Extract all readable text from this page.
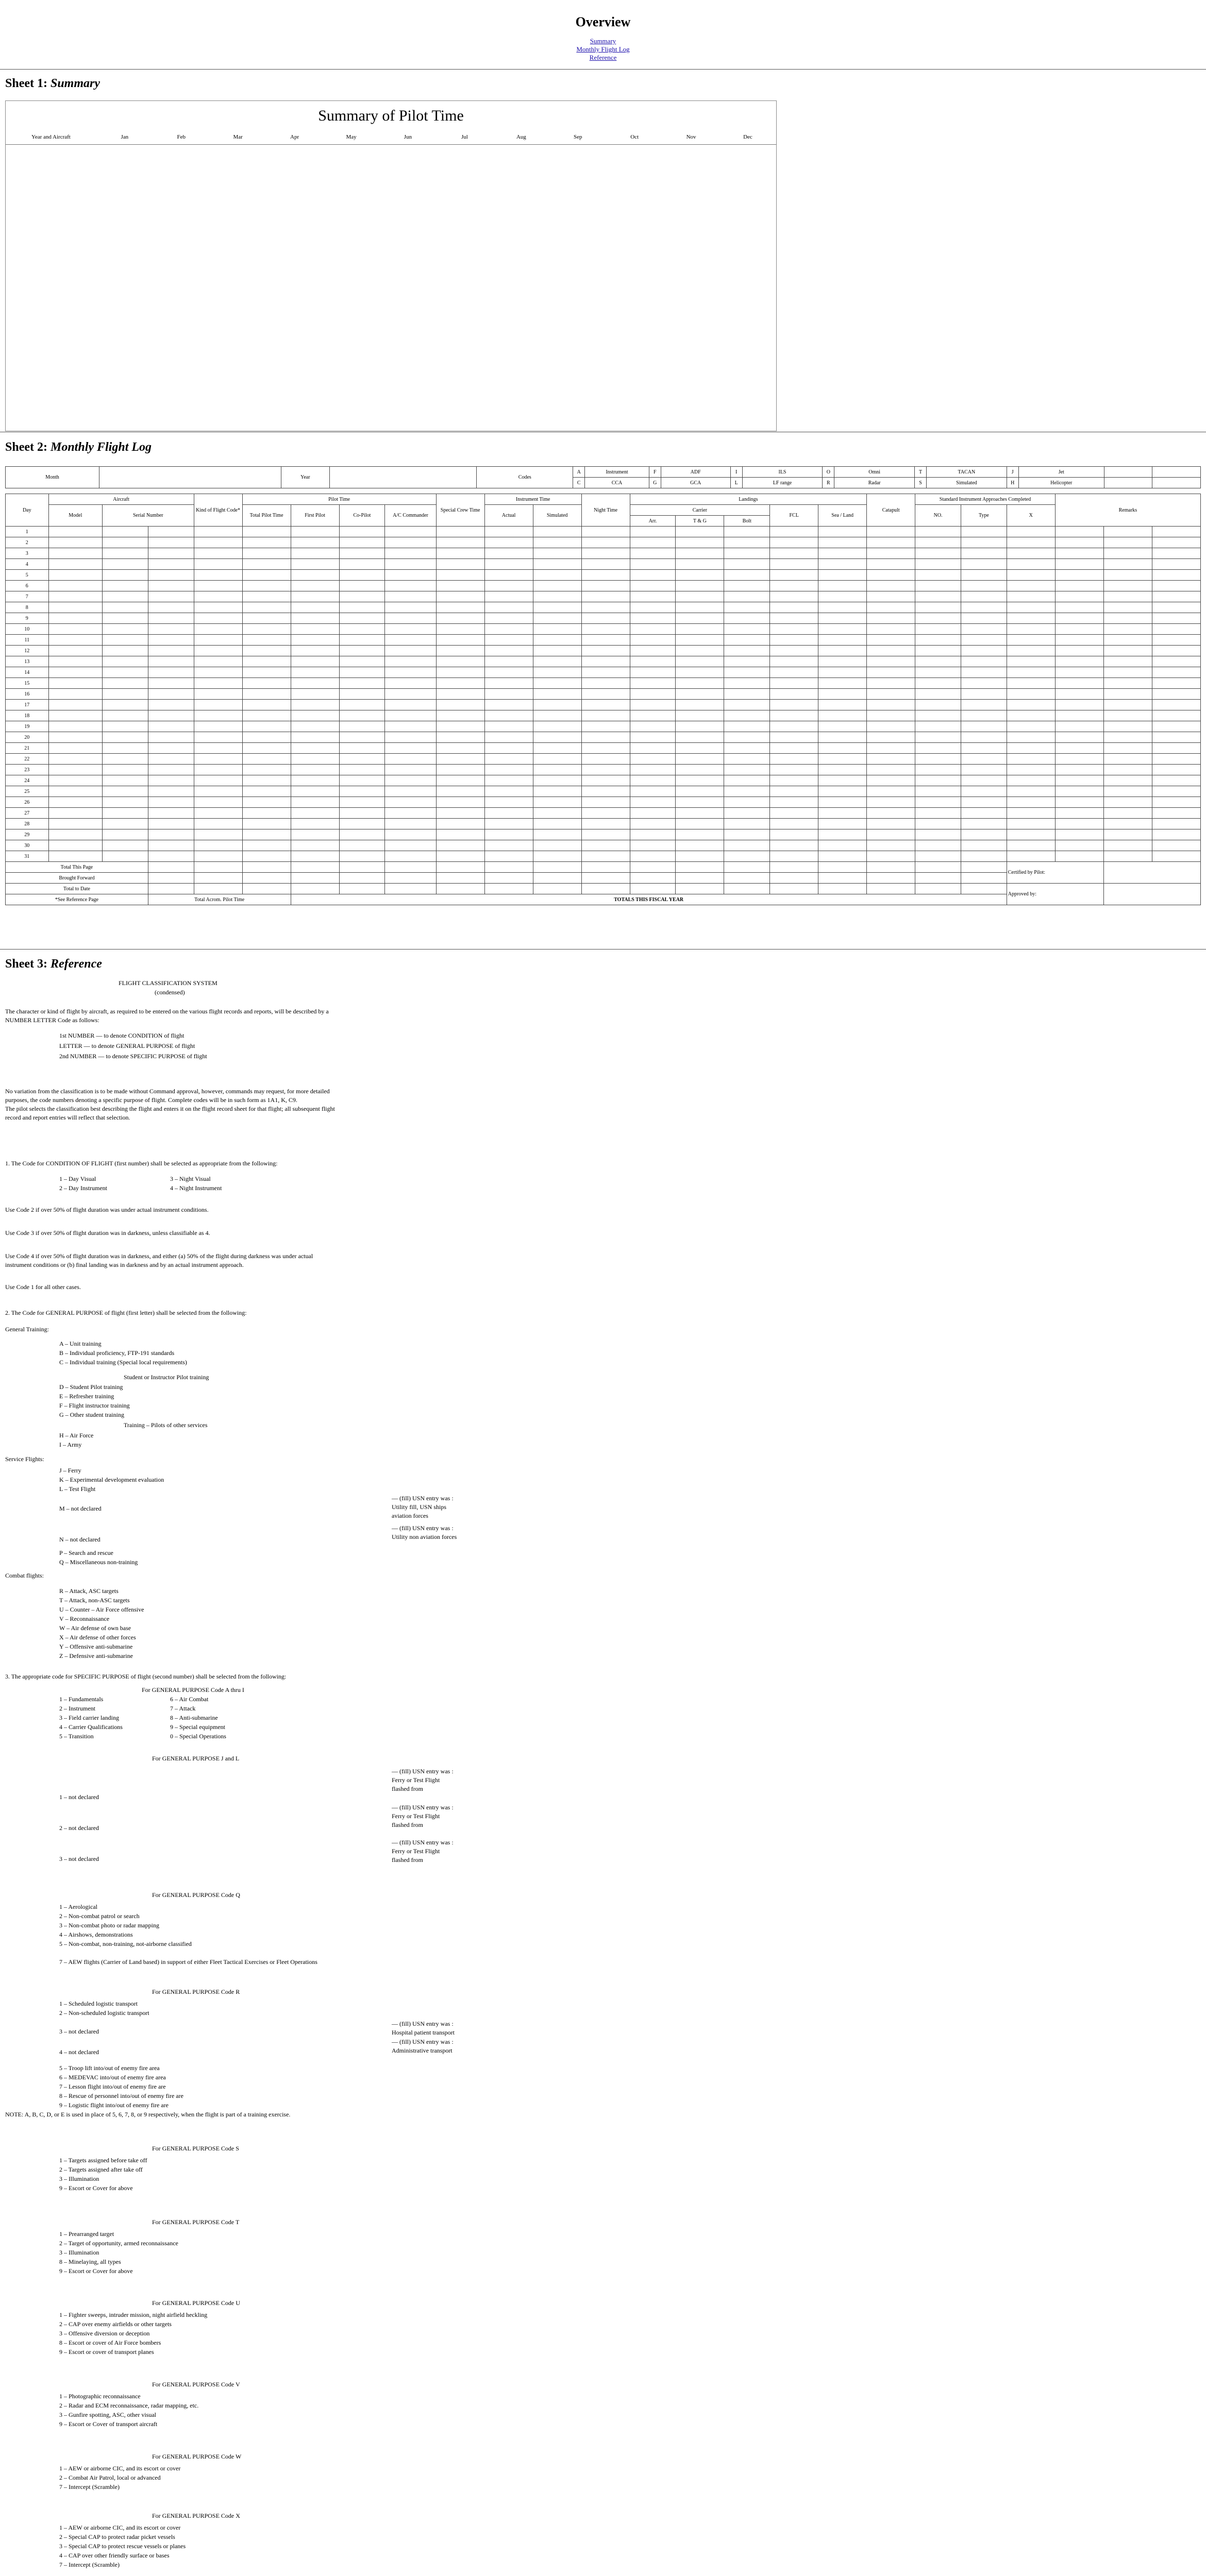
Overview
Summary
Monthly Flight Log
Reference
Sheet 1: Summary
Summary of Pilot Time
Year and Aircraft	Jan	Feb	Mar	Apr	May	Jun	Jul	Aug	Sep	Oct	Nov	Dec
Sheet 2: Monthly Flight Log
Month		Year		Codes	A	Instrument	F	ADF	I	ILS	O	Omni	T	TACAN	J	Jet		
					C	CCA	G	GCA	L	LF range	R	Radar	S	Simulated	H	Helicopter		
Day	Aircraft			Kind of Flight Code*	Pilot Time				Special Crew Time	Instrument Time		Night Time	Landings					Catapult	Standard Instrument Approaches Completed			Remarks		
	Model	Serial Number			Total Pilot Time	First Pilot	Co-Pilot	A/C Commander		Actual	Simulated		Carrier			FCL	Sea / Land		NO.	Type	X			
													Arr.	T & G	Bolt									
1																								
2																								
3																								
4																								
5																								
6																								
7																								
8																								
9																								
10																								
11																								
12																								
13																								
14																								
15																								
16																								
17																								
18																								
19																								
20																								
21																								
22																								
23																								
24																								
25																								
26																								
27																								
28																								
29																								
30																								
31																								
Total This Page																					Certified by Pilot:			
Brought Forward																								
Total to Date																					Approved by:			
*See Reference Page			Total Acrom. Pilot Time			TOTALS THIS FISCAL YEAR																		
Sheet 3: Reference
FLIGHT CLASSIFICATION SYSTEM
(condensed)
The character or kind of flight by aircraft, as required to be entered on the various flight records and reports, will be described by a NUMBER LETTER Code as follows:
1st NUMBER — to denote CONDITION of flight
LETTER — to denote GENERAL PURPOSE of flight
2nd NUMBER — to denote SPECIFIC PURPOSE of flight
No variation from the classification is to be made without Command approval, however, commands may request, for more detailed purposes, the code numbers denoting a specific purpose of flight. Complete codes will be in such form as 1A1, K, C9.
The pilot selects the classification best describing the flight and enters it on the flight record sheet for that flight; all subsequent flight record and report entries will reflect that selection.
1. The Code for CONDITION OF FLIGHT (first number) shall be selected as appropriate from the following:
1 – Day Visual	3 – Night Visual
2 – Day Instrument	4 – Night Instrument
Use Code 2 if over 50% of flight duration was under actual instrument conditions.
Use Code 3 if over 50% of flight duration was in darkness, unless classifiable as 4.
Use Code 4 if over 50% of flight duration was in darkness, and either (a) 50% of the flight during darkness was under actual instrument conditions or (b) final landing was in darkness and by an actual instrument approach.
Use Code 1 for all other cases.
2. The Code for GENERAL PURPOSE of flight (first letter) shall be selected from the following:
General Training:
A – Unit training
B – Individual proficiency, FTP-191 standards
C – Individual training (Special local requirements)
Student or Instructor Pilot training
D – Student Pilot training
E – Refresher training
F – Flight instructor training
G – Other student training
Training – Pilots of other services
H – Air Force
I – Army
Service Flights:
J – Ferry
K – Experimental development evaluation
L – Test Flight
M – not declared
— (fill) USN entry was : Utility fill, USN ships aviation forces
N – not declared
— (fill) USN entry was : Utility non aviation forces
P – Search and rescue
Q – Miscellaneous non-training
Combat flights:
R – Attack, ASC targets
T – Attack, non-ASC targets
U – Counter – Air Force offensive
V – Reconnaissance
W – Air defense of own base
X – Air defense of other forces
Y – Offensive anti-submarine
Z – Defensive anti-submarine
3. The appropriate code for SPECIFIC PURPOSE of flight (second number) shall be selected from the following:
For GENERAL PURPOSE Code A thru I
1 – Fundamentals	6 – Air Combat
2 – Instrument	7 – Attack
3 – Field carrier landing	8 – Anti-submarine
4 – Carrier Qualifications	9 – Special equipment
5 – Transition	0 – Special Operations
For GENERAL PURPOSE J and L
1 – not declared
— (fill) USN entry was : Ferry or Test Flight flashed from
2 – not declared
— (fill) USN entry was : Ferry or Test Flight flashed from
3 – not declared
— (fill) USN entry was : Ferry or Test Flight flashed from
For GENERAL PURPOSE Code Q
1 – Aerological
2 – Non-combat patrol or search
3 – Non-combat photo or radar mapping
4 – Airshows, demonstrations
5 – Non-combat, non-training, not-airborne classified
7 – AEW flights (Carrier of Land based) in support of either Fleet Tactical Exercises or Fleet Operations
For GENERAL PURPOSE Code R
1 – Scheduled logistic transport
2 – Non-scheduled logistic transport
3 – not declared
— (fill) USN entry was : Hospital patient transport
4 – not declared
— (fill) USN entry was : Administrative transport
5 – Troop lift into/out of enemy fire area
6 – MEDEVAC into/out of enemy fire area
7 – Lesson flight into/out of enemy fire are
8 – Rescue of personnel into/out of enemy fire are
9 – Logistic flight into/out of enemy fire are
NOTE: A, B, C, D, or E is used in place of 5, 6, 7, 8, or 9 respectively, when the flight is part of a training exercise.
For GENERAL PURPOSE Code S
1 – Targets assigned before take off
2 – Targets assigned after take off
3 – Illumination
9 – Escort or Cover for above
For GENERAL PURPOSE Code T
1 – Prearranged target
2 – Target of opportunity, armed reconnaissance
3 – Illumination
8 – Minelaying, all types
9 – Escort or Cover for above
For GENERAL PURPOSE Code U
1 – Fighter sweeps, intruder mission, night airfield heckling
2 – CAP over enemy airfields or other targets
3 – Offensive diversion or deception
8 – Escort or cover of Air Force bombers
9 – Escort or cover of transport planes
For GENERAL PURPOSE Code V
1 – Photographic reconnaissance
2 – Radar and ECM reconnaissance, radar mapping, etc.
3 – Gunfire spotting, ASC, other visual
9 – Escort or Cover of transport aircraft
For GENERAL PURPOSE Code W
1 – AEW or airborne CIC, and its escort or cover
2 – Combat Air Patrol, local or advanced
7 – Intercept (Scramble)
For GENERAL PURPOSE Code X
1 – AEW or airborne CIC, and its escort or cover
2 – Special CAP to protect radar picket vessels
3 – Special CAP to protect rescue vessels or planes
4 – CAP over other friendly surface or bases
7 – Intercept (Scramble)
